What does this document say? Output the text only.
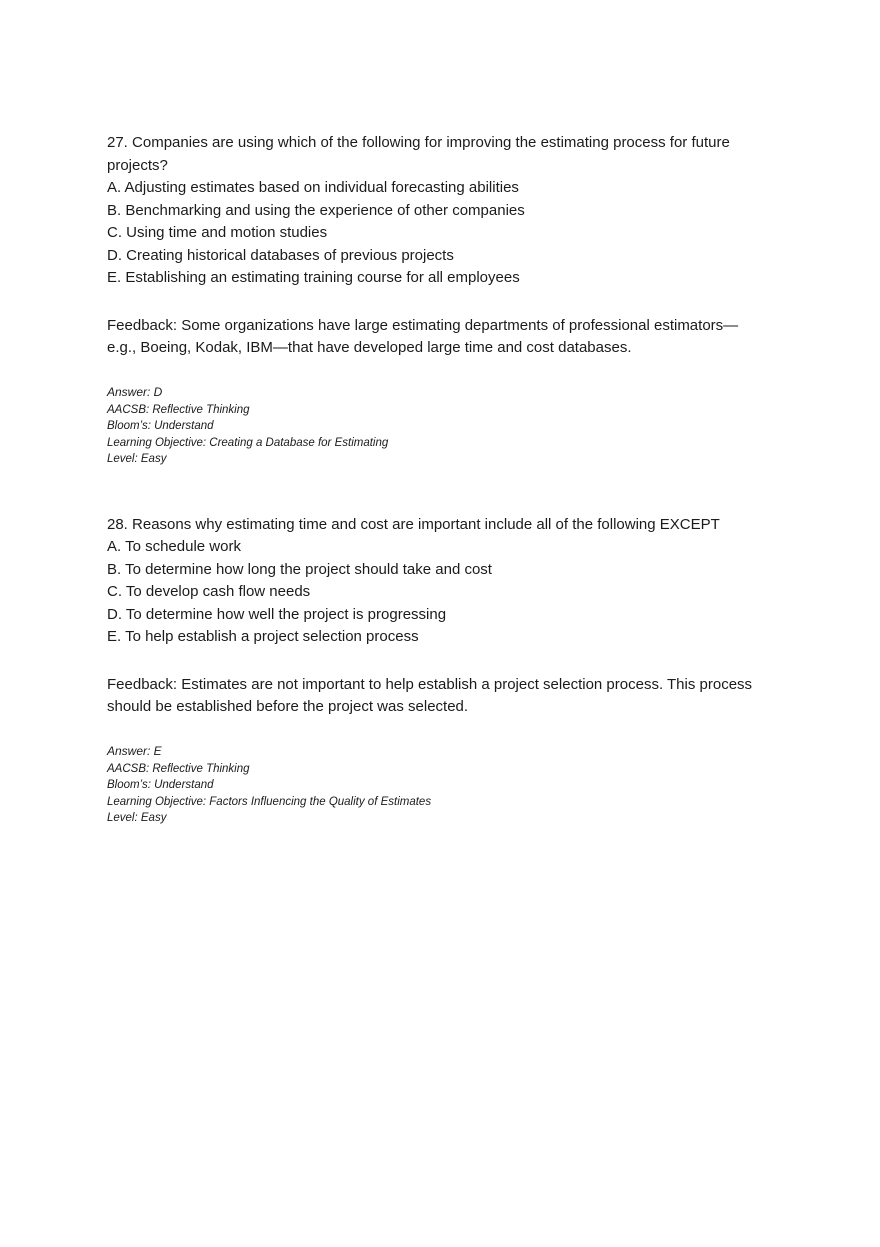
27. Companies are using which of the following for improving the estimating process for future projects?

A. Adjusting estimates based on individual forecasting abilities

B. Benchmarking and using the experience of other companies

C. Using time and motion studies

D. Creating historical databases of previous projects

E. Establishing an estimating training course for all employees

Feedback: Some organizations have large estimating departments of professional estimators—e.g., Boeing, Kodak, IBM—that have developed large time and cost databases.

Answer: D

AACSB: Reflective Thinking

Bloom’s: Understand

Learning Objective: Creating a Database for Estimating

Level: Easy

28. Reasons why estimating time and cost are important include all of the following EXCEPT

A. To schedule work

B. To determine how long the project should take and cost

C. To develop cash flow needs

D. To determine how well the project is progressing

E. To help establish a project selection process

Feedback: Estimates are not important to help establish a project selection process. This process should be established before the project was selected.

Answer: E

AACSB: Reflective Thinking

Bloom’s: Understand

Learning Objective: Factors Influencing the Quality of Estimates

Level: Easy
